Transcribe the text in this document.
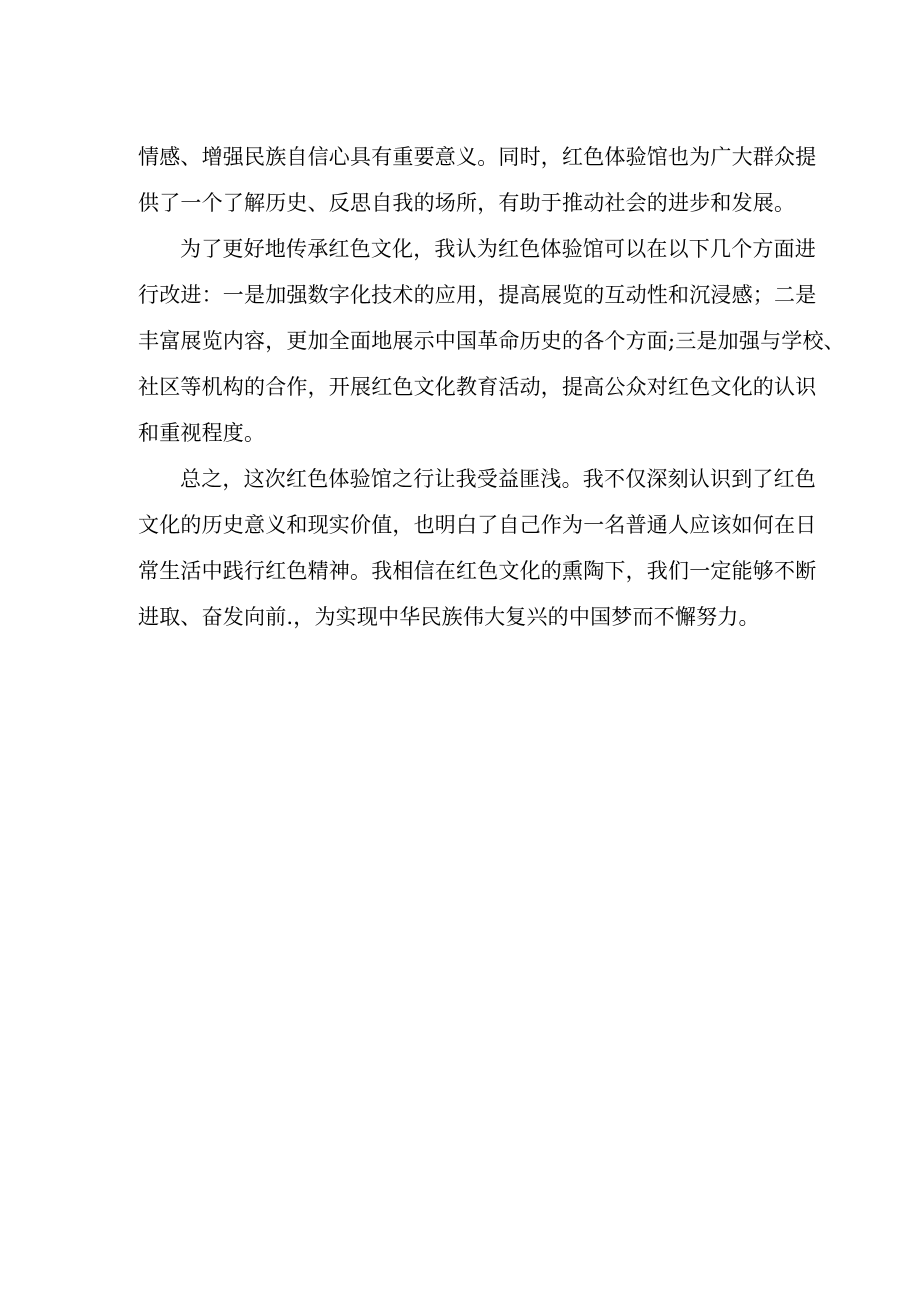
情感、增强民族自信心具有重要意义。同时，红色体验馆也为广大群众提
供了一个了解历史、反思自我的场所，有助于推动社会的进步和发展。
为了更好地传承红色文化，我认为红色体验馆可以在以下几个方面进
行改进：一是加强数字化技术的应用，提高展览的互动性和沉浸感；二是
丰富展览内容，更加全面地展示中国革命历史的各个方面;三是加强与学校、
社区等机构的合作，开展红色文化教育活动，提高公众对红色文化的认识
和重视程度。
总之，这次红色体验馆之行让我受益匪浅。我不仅深刻认识到了红色
文化的历史意义和现实价值，也明白了自己作为一名普通人应该如何在日
常生活中践行红色精神。我相信在红色文化的熏陶下，我们一定能够不断
进取、奋发向前.，为实现中华民族伟大复兴的中国梦而不懈努力。
